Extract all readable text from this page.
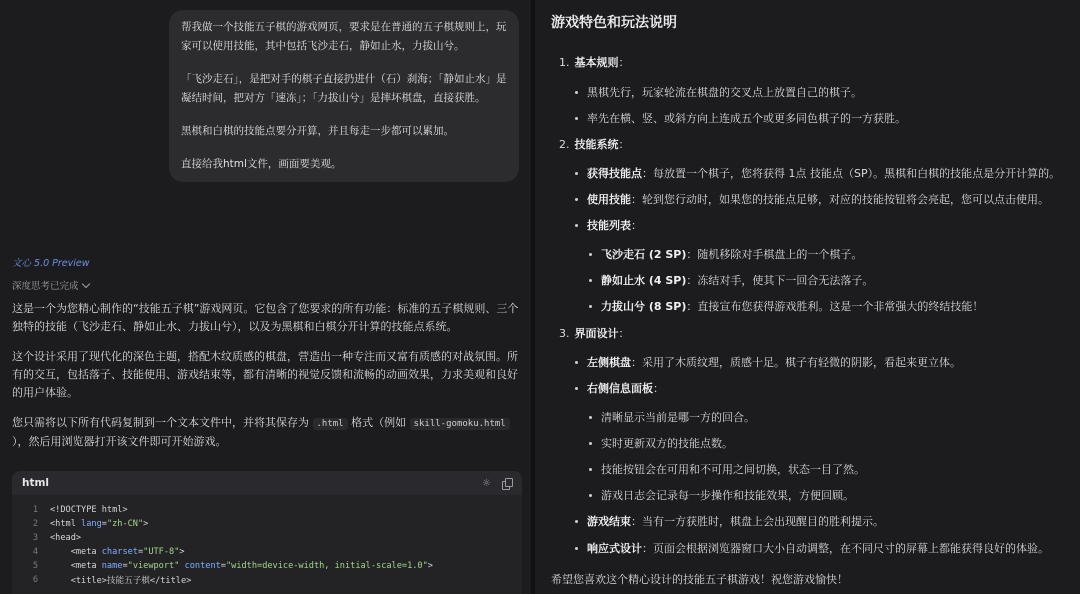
帮我做一个技能五子棋的游戏网页，要求是在普通的五子棋规则上，玩家可以使用技能，其中包括飞沙走石，静如止水，力拔山兮。

「飞沙走石」，是把对手的棋子直接扔进什（石）刹海；「静如止水」是凝结时间，把对方「速冻」；「力拔山兮」是摔坏棋盘，直接获胜。

黑棋和白棋的技能点要分开算，并且每走一步都可以累加。

直接给我html文件，画面要美观。

文心 5.0 Preview
深度思考已完成

这是一个为您精心制作的“技能五子棋”游戏网页。它包含了您要求的所有功能：标准的五子棋规则、三个独特的技能（飞沙走石、静如止水、力拔山兮），以及为黑棋和白棋分开计算的技能点系统。

这个设计采用了现代化的深色主题，搭配木纹质感的棋盘，营造出一种专注而又富有质感的对战氛围。所有的交互，包括落子、技能使用、游戏结束等，都有清晰的视觉反馈和流畅的动画效果，力求美观和良好的用户体验。

您只需将以下所有代码复制到一个文本文件中，并将其保存为 .html 格式（例如 skill-gomoku.html ），然后用浏览器打开该文件即可开始游戏。

html	☼
1	<!DOCTYPE html>
2	<html lang="zh-CN">
3	<head>
4	<meta charset="UTF-8">
5	<meta name="viewport" content="width=device-width, initial-scale=1.0">
6	<title>技能五子棋</title>
游戏特色和玩法说明
希望您喜欢这个精心设计的技能五子棋游戏！祝您游戏愉快！
1. 基本规则 ：
黑棋先行，玩家轮流在棋盘的交叉点上放置自己的棋子。
率先在横、竖、或斜方向上连成五个或更多同色棋子的一方获胜。
2. 技能系统 ：
获得技能点 ：每放置一个棋子，您将获得 1点 技能点（SP）。黑棋和白棋的技能点是分开计算的。
使用技能 ：轮到您行动时，如果您的技能点足够，对应的技能按钮将会亮起，您可以点击使用。
技能列表 ：
飞沙走石 (2 SP) ：随机移除对手棋盘上的一个棋子。
静如止水 (4 SP) ：冻结对手，使其下一回合无法落子。
力拔山兮 (8 SP) ：直接宣布您获得游戏胜利。这是一个非常强大的终结技能！
3. 界面设计 ：
左侧棋盘 ：采用了木质纹理，质感十足。棋子有轻微的阴影，看起来更立体。
右侧信息面板 ：
清晰显示当前是哪一方的回合。
实时更新双方的技能点数。
技能按钮会在可用和不可用之间切换，状态一目了然。
游戏日志会记录每一步操作和技能效果，方便回顾。
游戏结束 ：当有一方获胜时，棋盘上会出现醒目的胜利提示。
响应式设计 ：页面会根据浏览器窗口大小自动调整，在不同尺寸的屏幕上都能获得良好的体验。
